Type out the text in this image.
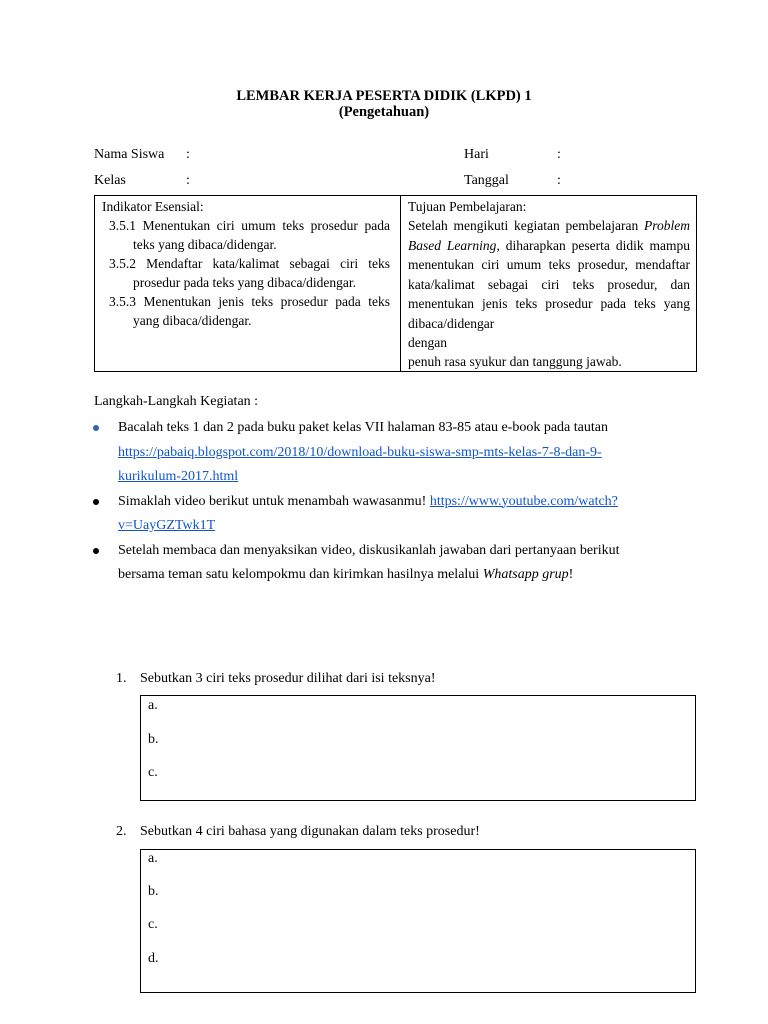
LEMBAR KERJA PESERTA DIDIK (LKPD) 1
(Pengetahuan)
Nama Siswa :	Hari	:
Kelas	:	Tanggal	:
Indikator Esensial:
3.5.1 Menentukan ciri umum teks prosedur pada teks yang dibaca/didengar.
3.5.2 Mendaftar kata/kalimat sebagai ciri teks prosedur pada teks yang dibaca/didengar.
3.5.3 Menentukan jenis teks prosedur pada teks yang dibaca/didengar.

Tujuan Pembelajaran:
Setelah mengikuti kegiatan pembelajaran Problem Based Learning, diharapkan peserta didik mampu menentukan ciri umum teks prosedur, mendaftar kata/kalimat sebagai ciri teks prosedur, dan menentukan jenis teks prosedur pada teks yang dibaca/didengar
dengan
penuh rasa syukur dan tanggung jawab.
Langkah-Langkah Kegiatan :
Bacalah teks 1 dan 2 pada buku paket kelas VII halaman 83-85 atau e-book pada tautan https://pabaiq.blogspot.com/2018/10/download-buku-siswa-smp-mts-kelas-7-8-dan-9- kurikulum-2017.html
Simaklah video berikut untuk menambah wawasanmu! https://www.youtube.com/watch?v=UayGZTwk1T
Setelah membaca dan menyaksikan video, diskusikanlah jawaban dari pertanyaan berikut bersama teman satu kelompokmu dan kirimkan hasilnya melalui Whatsapp grup!
1. Sebutkan 3 ciri teks prosedur dilihat dari isi teksnya!
a.
b.
c.
2. Sebutkan 4 ciri bahasa yang digunakan dalam teks prosedur!
a.
b.
c.
d.
